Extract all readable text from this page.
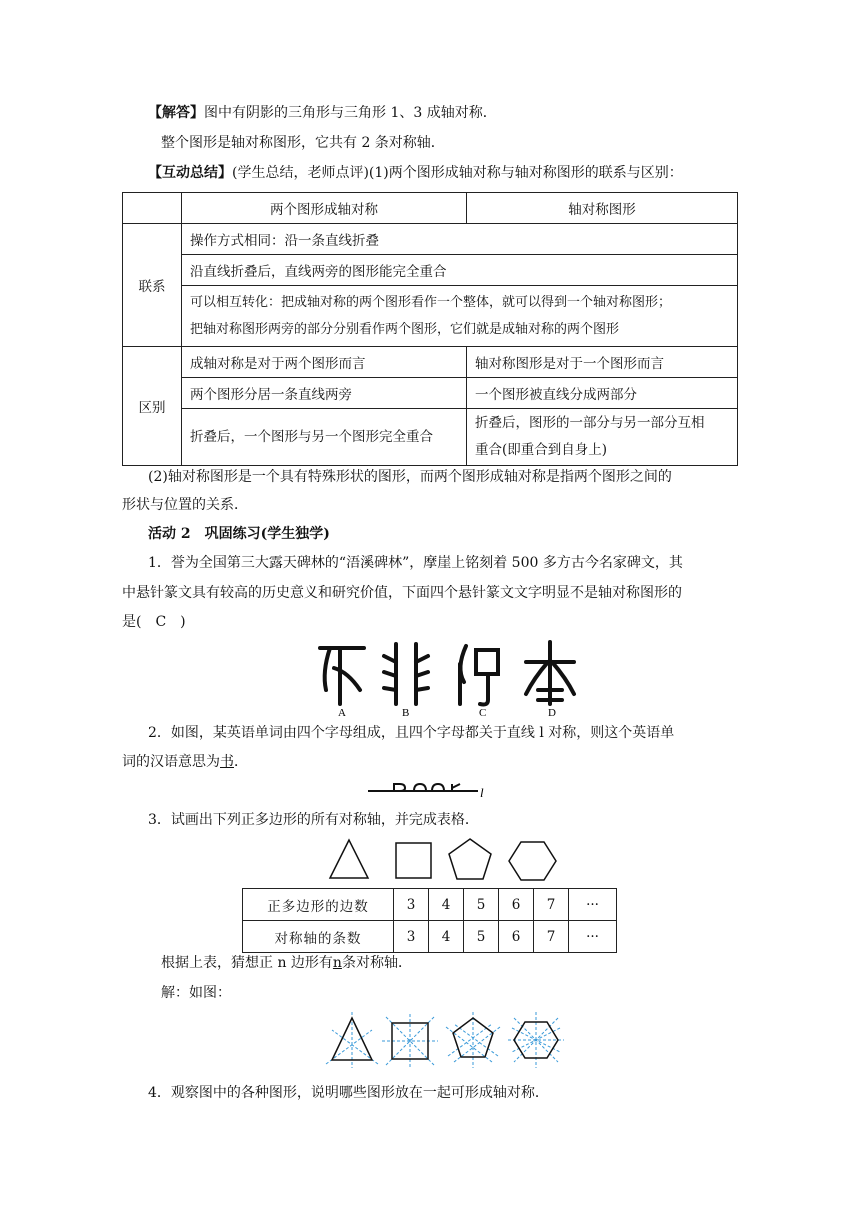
【解答】图中有阴影的三角形与三角形 1、3 成轴对称．
整个图形是轴对称图形，它共有 2 条对称轴．
【互动总结】(学生总结，老师点评)(1)两个图形成轴对称与轴对称图形的联系与区别：
	两个图形成轴对称	轴对称图形
联系	操作方式相同：沿一条直线折叠	
	沿直线折叠后，直线两旁的图形能完全重合	

	可以相互转化：把成轴对称的两个图形看作一个整体，就可以得到一个轴对称图形；
把轴对称图形两旁的部分分别看作两个图形，它们就是成轴对称的两个图形	

区别	成轴对称是对于两个图形而言	轴对称图形是对于一个图形而言
	两个图形分居一条直线两旁	一个图形被直线分成两部分
	折叠后，一个图形与另一个图形完全重合	折叠后，图形的一部分与另一部分互相
重合(即重合到自身上)
(2)轴对称图形是一个具有特殊形状的图形，而两个图形成轴对称是指两个图形之间的
形状与位置的关系．
活动 2　巩固练习(学生独学)
1．誉为全国第三大露天碑林的“浯溪碑林”，摩崖上铭刻着 500 多方古今名家碑文，其
中悬针篆文具有较高的历史意义和研究价值，下面四个悬针篆文文字明显不是轴对称图形的
是(　C　)
A	B	C	D
2．如图，某英语单词由四个字母组成，且四个字母都关于直线 l 对称，则这个英语单
词的汉语意思为书．
l
3．试画出下列正多边形的所有对称轴，并完成表格．
正多边形的边数	3	4	5	6	7	···
对称轴的条数	3	4	5	6	7	···
根据上表，猜想正 n 边形有n条对称轴．
解：如图：
4．观察图中的各种图形，说明哪些图形放在一起可形成轴对称．
